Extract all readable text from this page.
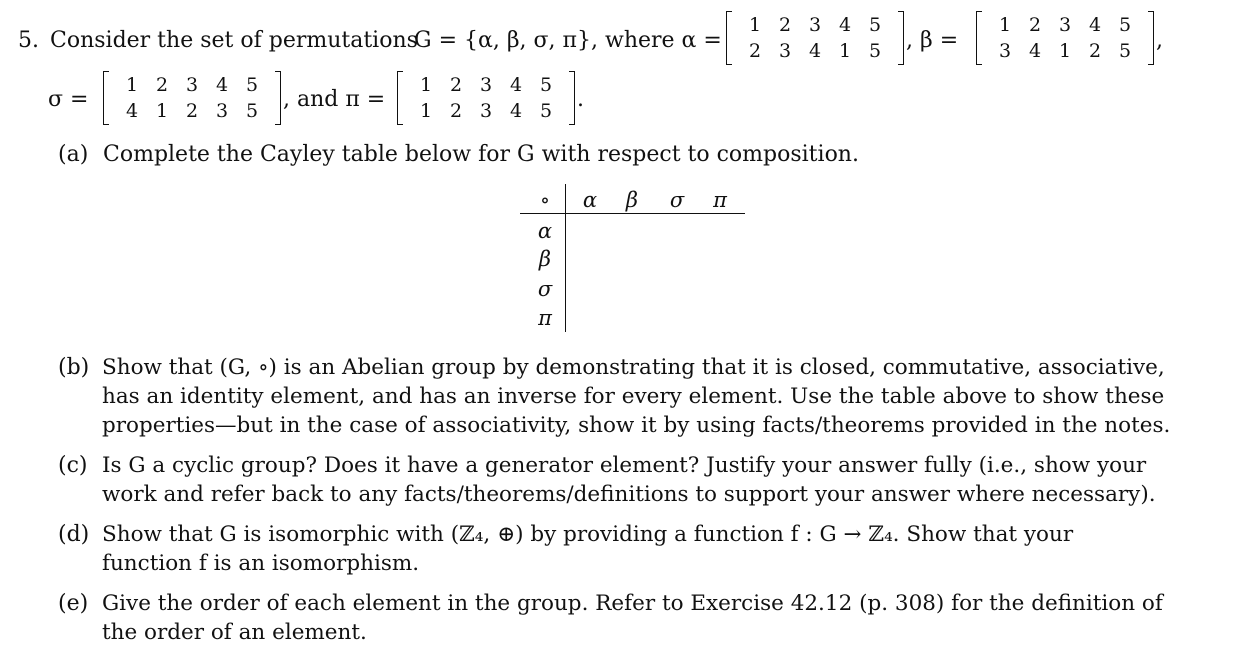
5. Consider the set of permutations
G = {α, β, σ, π}, where α =
1 2 3 4 5
2 3 4 1 5	, β =
1 2 3 4 5
3 4 1 2 5	,
σ =
1 2 3 4 5
4 1 2 3 5	, and π =
1 2 3 4 5
1 2 3 4 5	.
(a) Complete the Cayley table below for G with respect to composition.
∘	α	β	σ	π
α
β
σ
π
(b) Show that (G, ∘) is an Abelian group by demonstrating that it is closed, commutative, associative,
has an identity element, and has an inverse for every element. Use the table above to show these
properties—but in the case of associativity, show it by using facts/theorems provided in the notes.
(c) Is G a cyclic group? Does it have a generator element? Justify your answer fully (i.e., show your
work and refer back to any facts/theorems/definitions to support your answer where necessary).
(d) Show that G is isomorphic with (ℤ₄, ⊕) by providing a function f : G → ℤ₄. Show that your
function f is an isomorphism.
(e) Give the order of each element in the group. Refer to Exercise 42.12 (p. 308) for the definition of
the order of an element.
